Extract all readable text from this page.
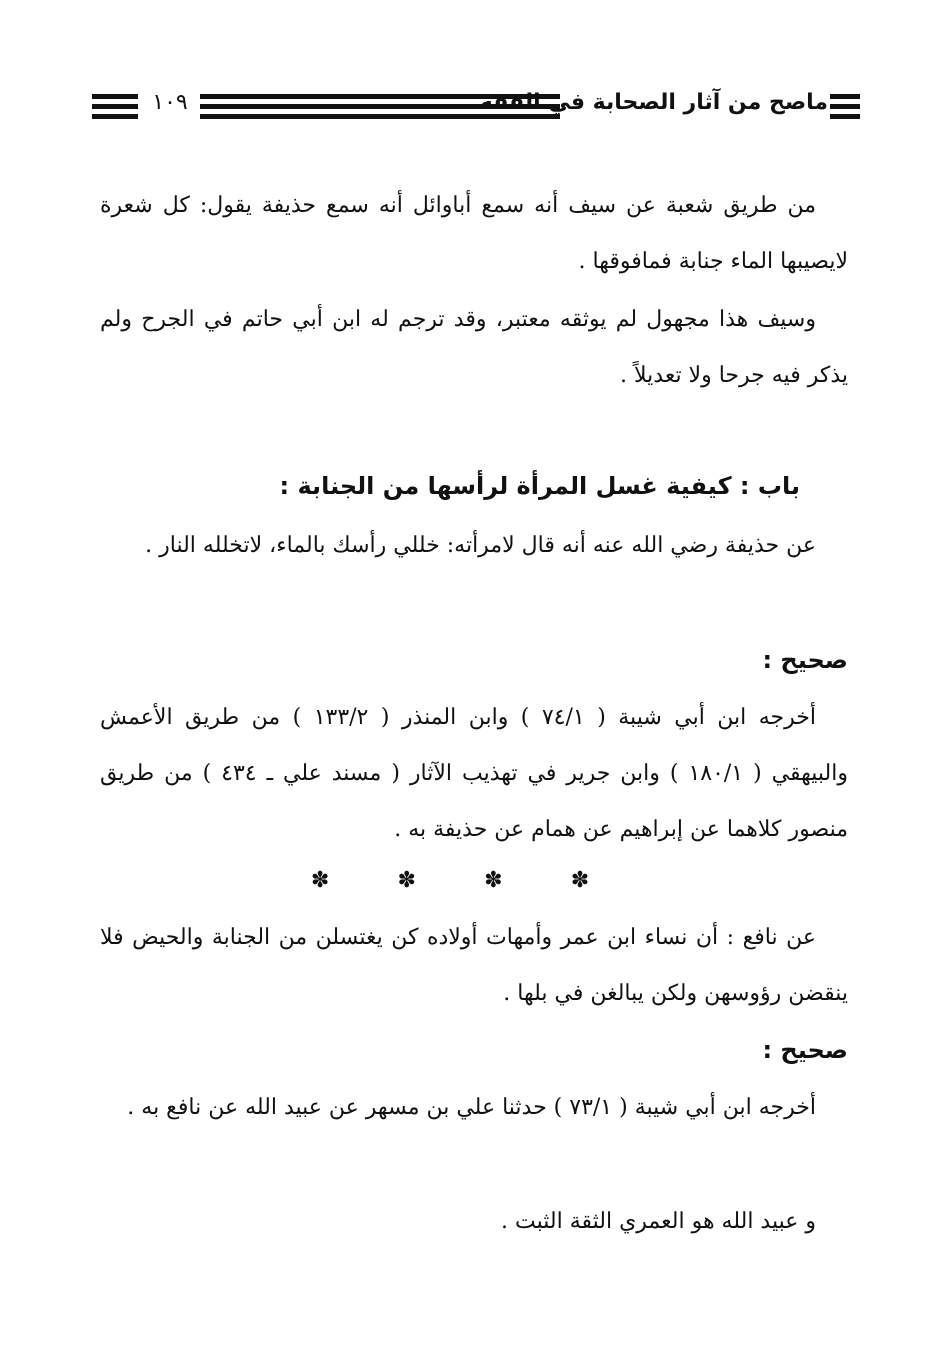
١٠٩	ماصح من آثار الصحابة في الفقه

من طريق شعبة عن سيف أنه سمع أباوائل أنه سمع حذيفة يقول: كل شعرة لايصيبها الماء جنابة فمافوقها .

وسيف هذا مجهول لم يوثقه معتبر، وقد ترجم له ابن أبي حاتم في الجرح ولم يذكر فيه جرحا ولا تعديلاً .

باب : كيفية غسل المرأة لرأسها من الجنابة :

عن حذيفة رضي الله عنه أنه قال لامرأته: خللي رأسك بالماء، لاتخلله النار .

صحيح :

أخرجه ابن أبي شيبة ( ٧٤/١ ) وابن المنذر ( ١٣٣/٢ ) من طريق الأعمش والبيهقي ( ١٨٠/١ ) وابن جرير في تهذيب الآثار ( مسند علي ـ ٤٣٤ ) من طريق منصور كلاهما عن إبراهيم عن همام عن حذيفة به .

✽
✽
✽
✽

عن نافع : أن نساء ابن عمر وأمهات أولاده كن يغتسلن من الجنابة والحيض فلا ينقضن رؤوسهن ولكن يبالغن في بلها .

صحيح :

أخرجه ابن أبي شيبة ( ٧٣/١ ) حدثنا علي بن مسهر عن عبيد الله عن نافع به .

و عبيد الله هو العمري الثقة الثبت .
